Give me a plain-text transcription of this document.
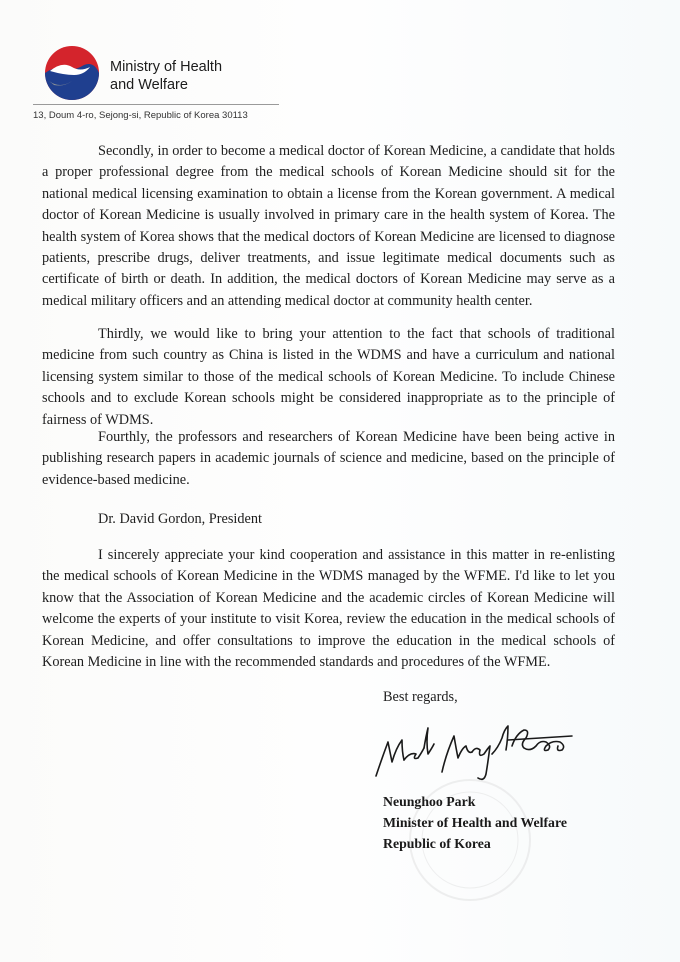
Ministry of Health
and Welfare
13, Doum 4-ro, Sejong-si, Republic of Korea 30113

Secondly, in order to become a medical doctor of Korean Medicine, a candidate that holds a proper professional degree from the medical schools of Korean Medicine should sit for the national medical licensing examination to obtain a license from the Korean government. A medical doctor of Korean Medicine is usually involved in primary care in the health system of Korea. The health system of Korea shows that the medical doctors of Korean Medicine are licensed to diagnose patients, prescribe drugs, deliver treatments, and issue legitimate medical documents such as certificate of birth or death. In addition, the medical doctors of Korean Medicine may serve as a medical military officers and an attending medical doctor at community health center.

Thirdly, we would like to bring your attention to the fact that schools of traditional medicine from such country as China is listed in the WDMS and have a curriculum and national licensing system similar to those of the medical schools of Korean Medicine. To include Chinese schools and to exclude Korean schools might be considered inappropriate as to the principle of fairness of WDMS.

Fourthly, the professors and researchers of Korean Medicine have been being active in publishing research papers in academic journals of science and medicine, based on the principle of evidence-based medicine.

Dr. David Gordon, President

I sincerely appreciate your kind cooperation and assistance in this matter in re-enlisting the medical schools of Korean Medicine in the WDMS managed by the WFME. I'd like to let you know that the Association of Korean Medicine and the academic circles of Korean Medicine will welcome the experts of your institute to visit Korea, review the education in the medical schools of Korean Medicine, and offer consultations to improve the education in the medical schools of Korean Medicine in line with the recommended standards and procedures of the WFME.

Best regards,
Neunghoo Park
Minister of Health and Welfare
Republic of Korea
